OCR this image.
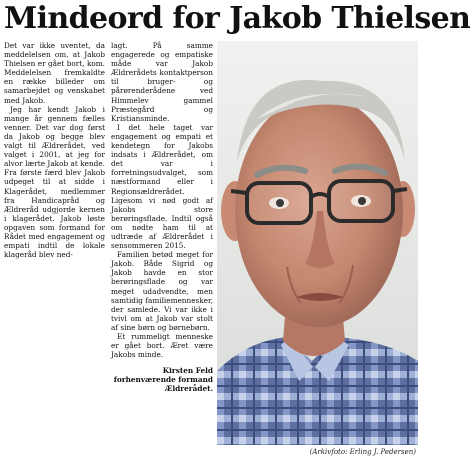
Mindeord for Jakob Thielsen

Det var ikke uventet, da meddelelsen om, at Jakob Thielsen er gået bort, kom. Meddelelsen fremkaldte en række billeder om samarbejdet og venskabet med Jakob.

Jeg har kendt Jakob i mange år gennem fælles venner. Det var dog først da Jakob og begge blev valgt til Ældrerådet, ved valget i 2001, at jeg for alvor lærte Jakob at kende. Fra første færd blev Jakob udpeget til at sidde i Klagerådet, medlemmer fra Handicapråd og Ældreråd udgjorde kernen i klagerådet. Jakob løste opgaven som formand for Rådet med engagement og empati indtil de lokale klageråd blev ned-

lagt. På samme engagerede og empatiske måde var Jakob Ældrerådets kontaktperson til bruger- og pårørenderådene ved Himmelev gammel Præstegård og Kristiansminde.

I det hele taget var engagement og empati et kendetegn for Jakobs indsats i Ældrerådet, om det var i forretningsudvalget, som næstformand eller i Regionsældrerådet. Ligesom vi nød godt af Jakobs store berøringsflade. Indtil også om nødte ham til at udtræde af Ældrerådet i sensommeren 2015.

Familien betød meget for Jakob. Både Sigrid og Jakob havde en stor berøringsflade og var meget udadvendte, men samtidig familiemennesker, der samlede. Vi var ikke i tvivl om at Jakob var stolt af sine børn og børnebørn.

Et rummeligt menneske er gået bort. Æret være Jakobs minde.

Kirsten Feld
forhenværende formand
Ældrerådet.
(Arkivfoto: Erling J. Pedersen)
